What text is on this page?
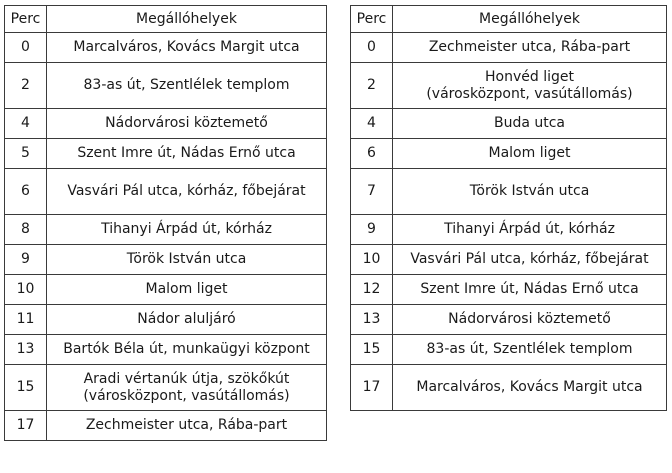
Perc	Megállóhelyek
0	Marcalváros, Kovács Margit utca
2	83-as út, Szentlélek templom
4	Nádorvárosi köztemető
5	Szent Imre út, Nádas Ernő utca
6	Vasvári Pál utca, kórház, főbejárat
8	Tihanyi Árpád út, kórház
9	Török István utca
10	Malom liget
11	Nádor aluljáró
13	Bartók Béla út, munkaügyi központ
15	Aradi vértanúk útja, szökőkút
(városközpont, vasútállomás)
17	Zechmeister utca, Rába-part
Perc	Megállóhelyek
0	Zechmeister utca, Rába-part
2	Honvéd liget
(városközpont, vasútállomás)
4	Buda utca
6	Malom liget
7	Török István utca
9	Tihanyi Árpád út, kórház
10	Vasvári Pál utca, kórház, főbejárat
12	Szent Imre út, Nádas Ernő utca
13	Nádorvárosi köztemető
15	83-as út, Szentlélek templom
17	Marcalváros, Kovács Margit utca
